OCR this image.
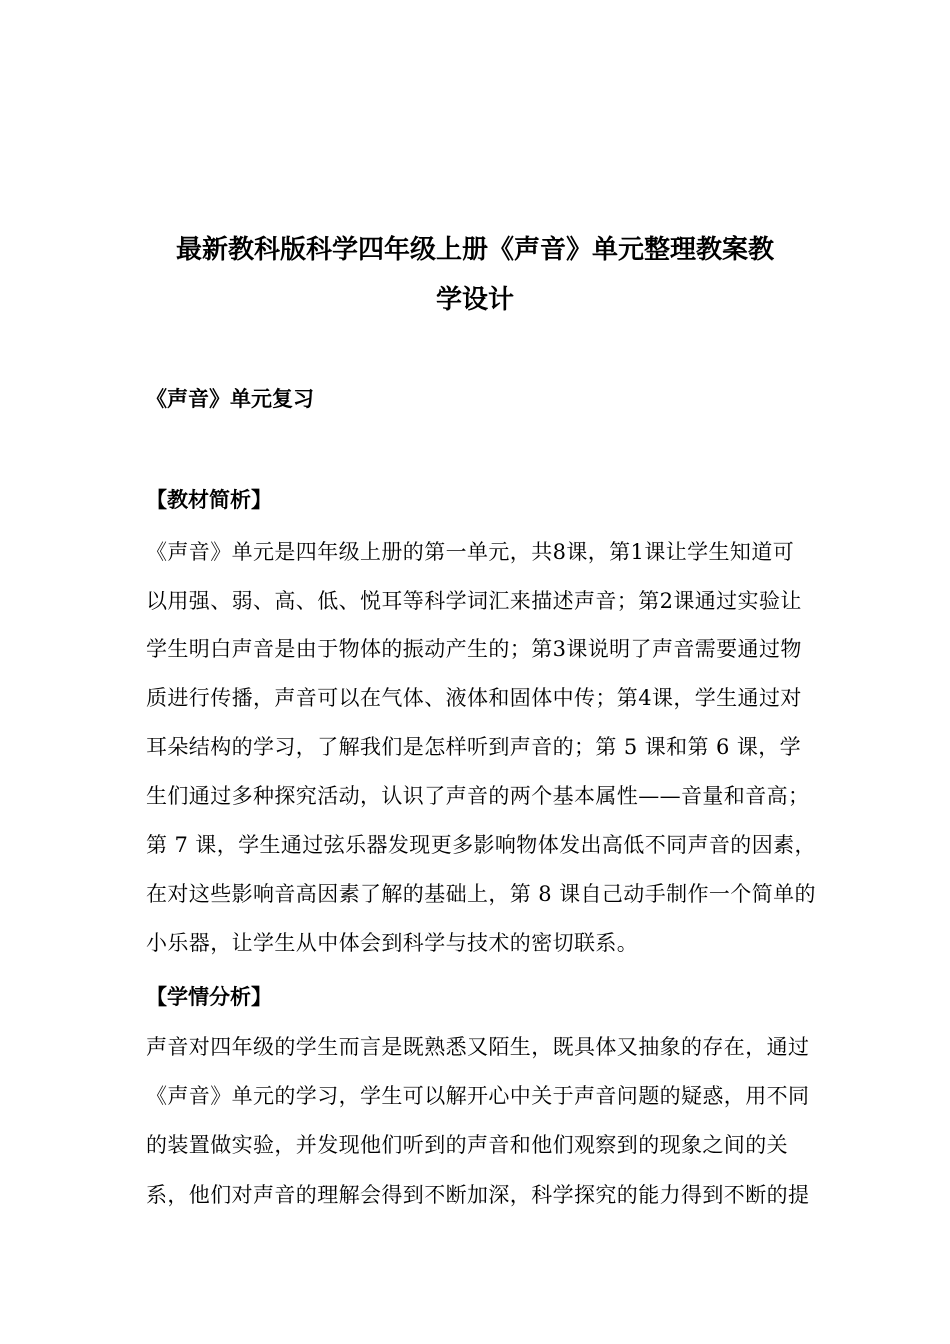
最新教科版科学四年级上册《声音》单元整理教案教
学设计
《声音》单元复习
【教材简析】
《声音》单元是四年级上册的第一单元，共8课，第1课让学生知道可
以用强、弱、高、低、悦耳等科学词汇来描述声音；第2课通过实验让
学生明白声音是由于物体的振动产生的；第3课说明了声音需要通过物
质进行传播，声音可以在气体、液体和固体中传；第4课，学生通过对
耳朵结构的学习，了解我们是怎样听到声音的；第 5 课和第 6 课，学
生们通过多种探究活动，认识了声音的两个基本属性——音量和音高；
第 7 课，学生通过弦乐器发现更多影响物体发出高低不同声音的因素，
在对这些影响音高因素了解的基础上，第 8 课自己动手制作一个简单的
小乐器，让学生从中体会到科学与技术的密切联系。
【学情分析】
声音对四年级的学生而言是既熟悉又陌生，既具体又抽象的存在，通过
《声音》单元的学习，学生可以解开心中关于声音问题的疑惑，用不同
的装置做实验，并发现他们听到的声音和他们观察到的现象之间的关
系，他们对声音的理解会得到不断加深，科学探究的能力得到不断的提
